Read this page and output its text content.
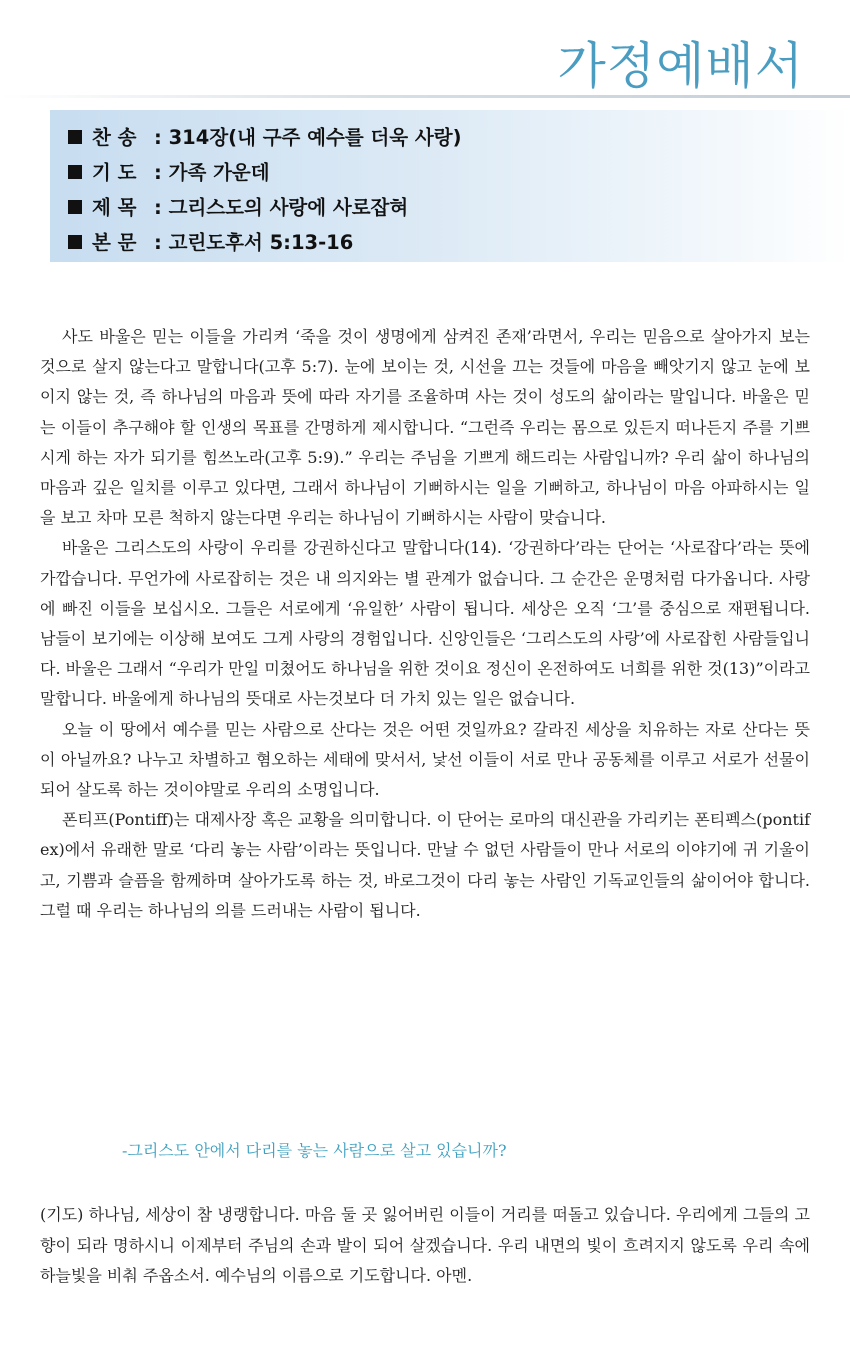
가정예배서
찬 송 : 314장(내 구주 예수를 더욱 사랑)
기 도 : 가족 가운데
제 목 : 그리스도의 사랑에 사로잡혀
본 문 : 고린도후서 5:13-16

사도 바울은 믿는 이들을 가리켜 ‘죽을 것이 생명에게 삼켜진 존재’라면서, 우리는 믿음으로 살아가지 보는 것으로 살지 않는다고 말합니다(고후 5:7). 눈에 보이는 것, 시선을 끄는 것들에 마음을 빼앗기지 않고 눈에 보이지 않는 것, 즉 하나님의 마음과 뜻에 따라 자기를 조율하며 사는 것이 성도의 삶이라는 말입니다. 바울은 믿는 이들이 추구해야 할 인생의 목표를 간명하게 제시합니다. “그런즉 우리는 몸으로 있든지 떠나든지 주를 기쁘시게 하는 자가 되기를 힘쓰노라(고후 5:9).” 우리는 주님을 기쁘게 해드리는 사람입니까? 우리 삶이 하나님의 마음과 깊은 일치를 이루고 있다면, 그래서 하나님이 기뻐하시는 일을 기뻐하고, 하나님이 마음 아파하시는 일을 보고 차마 모른 척하지 않는다면 우리는 하나님이 기뻐하시는 사람이 맞습니다.

바울은 그리스도의 사랑이 우리를 강권하신다고 말합니다(14). ‘강권하다’라는 단어는 ‘사로잡다’라는 뜻에 가깝습니다. 무언가에 사로잡히는 것은 내 의지와는 별 관계가 없습니다. 그 순간은 운명처럼 다가옵니다. 사랑에 빠진 이들을 보십시오. 그들은 서로에게 ‘유일한’ 사람이 됩니다. 세상은 오직 ‘그’를 중심으로 재편됩니다. 남들이 보기에는 이상해 보여도 그게 사랑의 경험입니다. 신앙인들은 ‘그리스도의 사랑’에 사로잡힌 사람들입니다. 바울은 그래서 “우리가 만일 미쳤어도 하나님을 위한 것이요 정신이 온전하여도 너희를 위한 것(13)”이라고 말합니다. 바울에게 하나님의 뜻대로 사는것보다 더 가치 있는 일은 없습니다.

오늘 이 땅에서 예수를 믿는 사람으로 산다는 것은 어떤 것일까요? 갈라진 세상을 치유하는 자로 산다는 뜻이 아닐까요? 나누고 차별하고 혐오하는 세태에 맞서서, 낯선 이들이 서로 만나 공동체를 이루고 서로가 선물이 되어 살도록 하는 것이야말로 우리의 소명입니다.

폰티프(Pontiff)는 대제사장 혹은 교황을 의미합니다. 이 단어는 로마의 대신관을 가리키는 폰티펙스(pontifex)에서 유래한 말로 ‘다리 놓는 사람’이라는 뜻입니다. 만날 수 없던 사람들이 만나 서로의 이야기에 귀 기울이고, 기쁨과 슬픔을 함께하며 살아가도록 하는 것, 바로그것이 다리 놓는 사람인 기독교인들의 삶이어야 합니다. 그럴 때 우리는 하나님의 의를 드러내는 사람이 됩니다.

-그리스도 안에서 다리를 놓는 사람으로 살고 있습니까?

(기도) 하나님, 세상이 참 냉랭합니다. 마음 둘 곳 잃어버린 이들이 거리를 떠돌고 있습니다. 우리에게 그들의 고향이 되라 명하시니 이제부터 주님의 손과 발이 되어 살겠습니다. 우리 내면의 빛이 흐려지지 않도록 우리 속에 하늘빛을 비춰 주옵소서. 예수님의 이름으로 기도합니다. 아멘.
